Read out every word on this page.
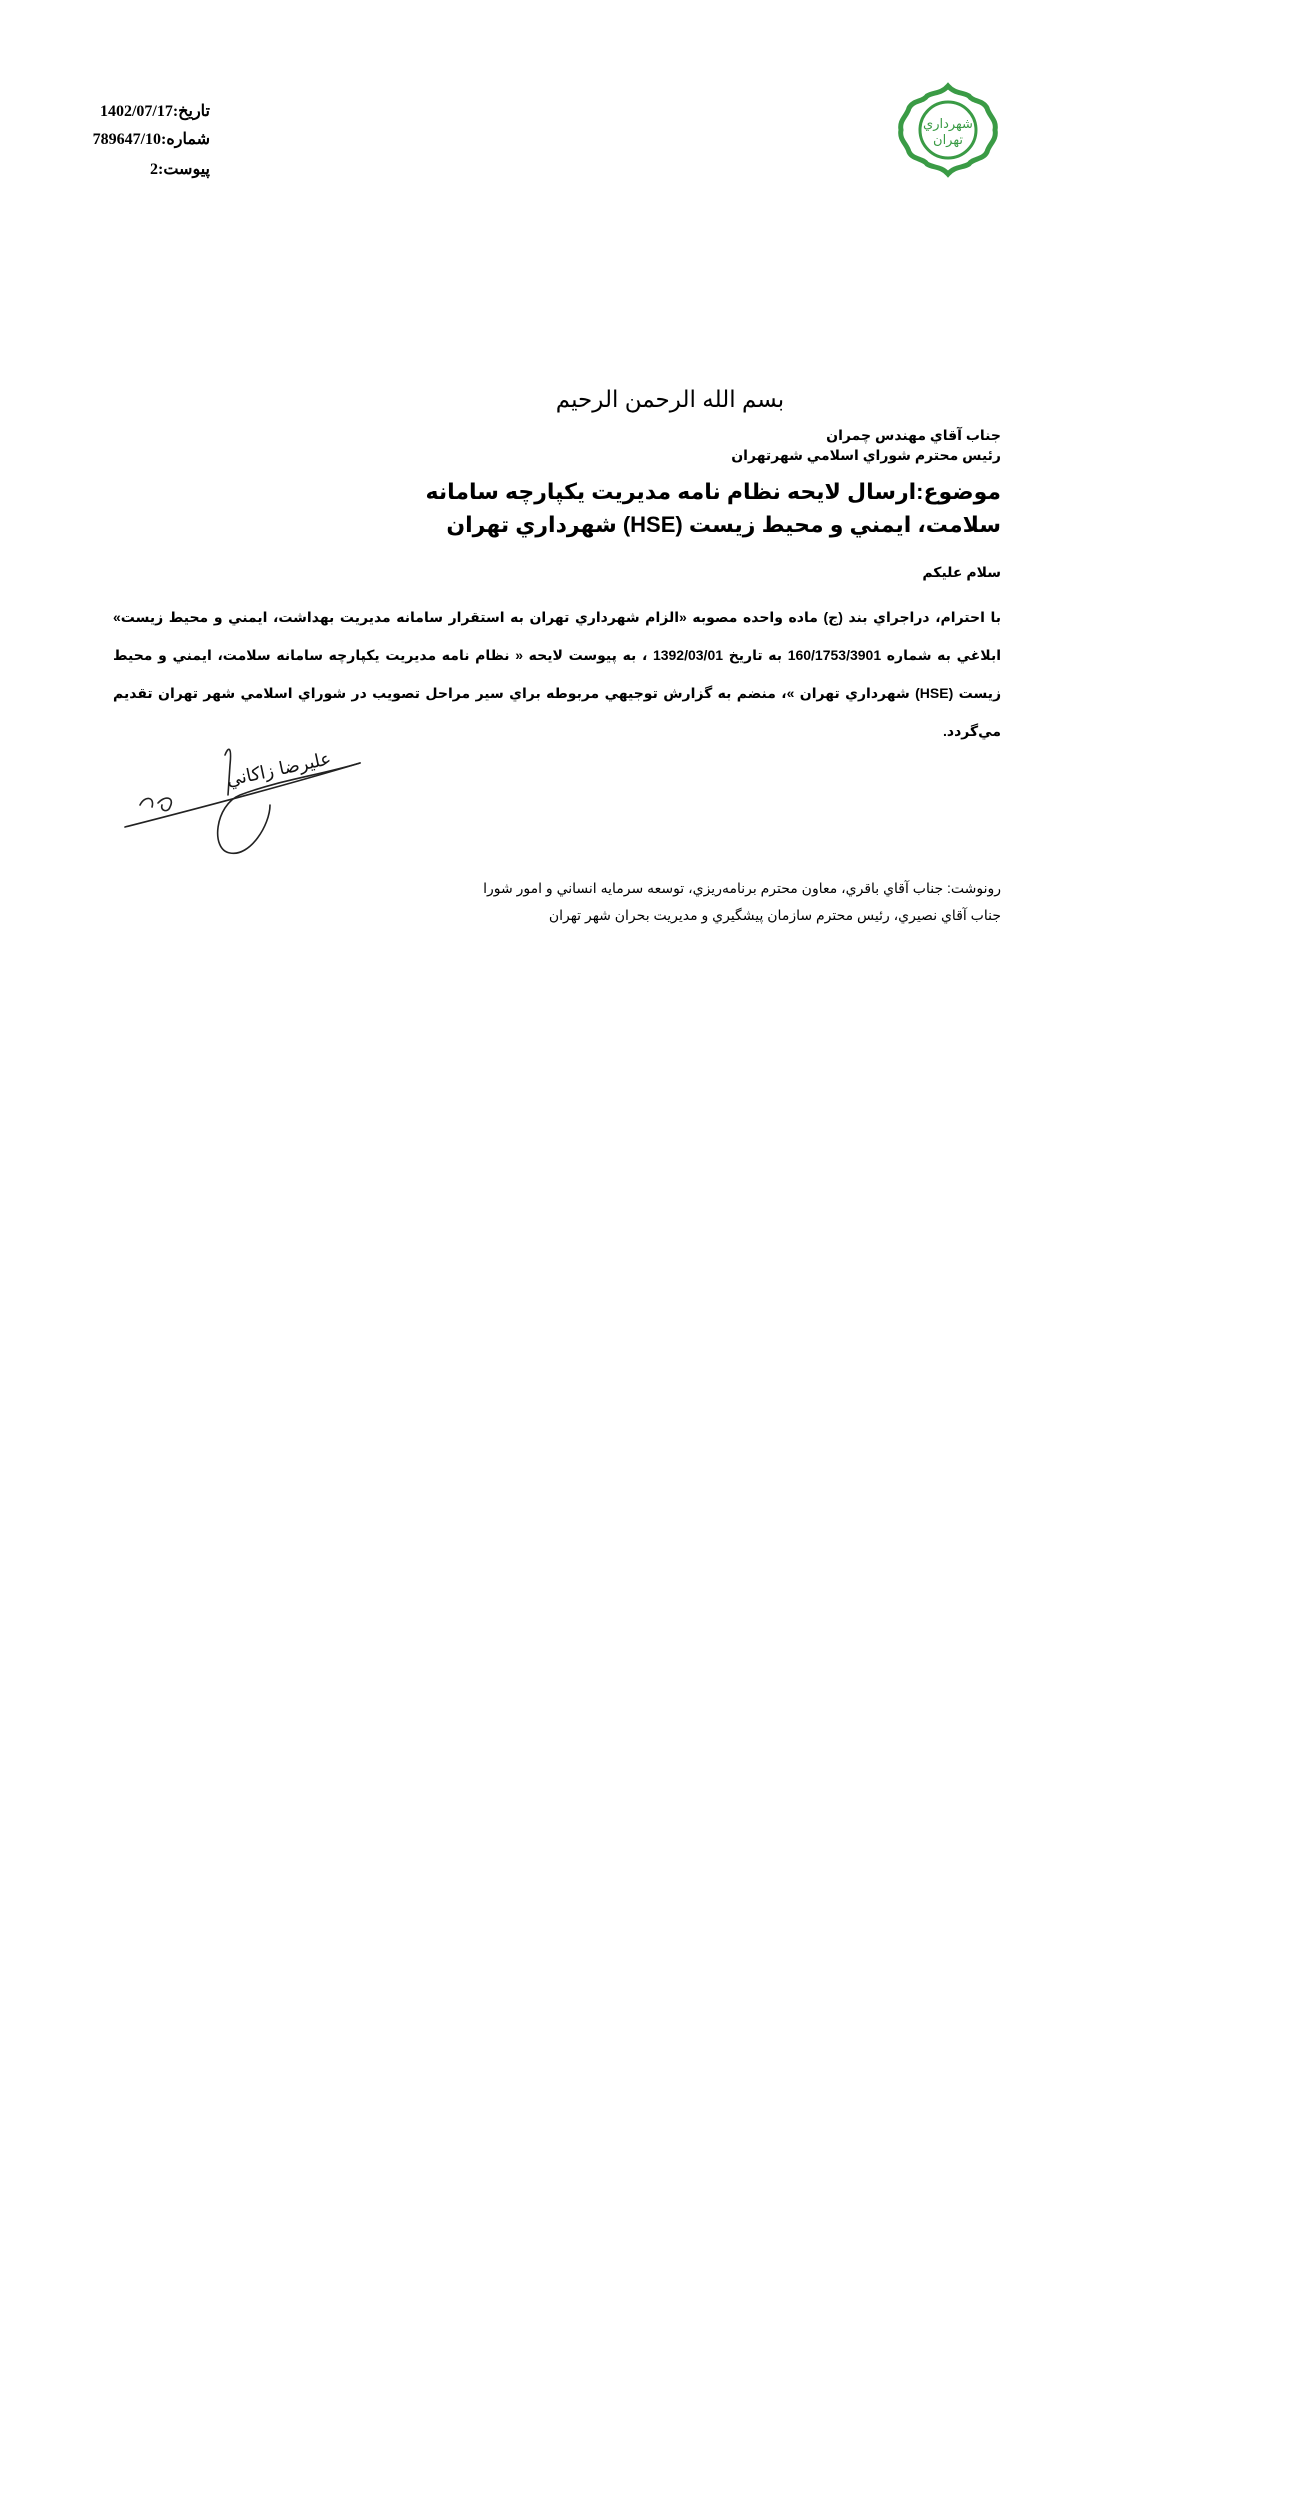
تاريخ:1402/07/17
شماره:789647/10
پيوست:2
شهرداري
تهران
بسم الله الرحمن الرحيم
جناب آقاي مهندس چمران
رئيس محترم شوراي اسلامي شهرتهران
موضوع:ارسال لايحه نظام نامه مديريت يكپارچه سامانه سلامت، ايمني و محيط زيست (HSE) شهرداري تهران
سلام عليكم
با احترام، دراجراي بند (ج) ماده واحده مصوبه «الزام شهرداري تهران به استقرار سامانه مديريت بهداشت، ايمني و محيط زيست» ابلاغي به شماره 160/1753/3901 به تاريخ 1392/03/01 ، به پيوست لايحه « نظام نامه مديريت يكپارچه سامانه سلامت، ايمني و محيط زيست (HSE) شهرداري تهران »، منضم به گزارش توجيهي مربوطه براي سير مراحل تصويب در شوراي اسلامي شهر تهران تقديم مي‌گردد.
عليرضا زاكاني
رونوشت: جناب آقاي باقري، معاون محترم برنامه‌ريزي، توسعه سرمايه انساني و امور شورا
جناب آقاي نصيري، رئيس محترم سازمان پيشگيري و مديريت بحران شهر تهران
